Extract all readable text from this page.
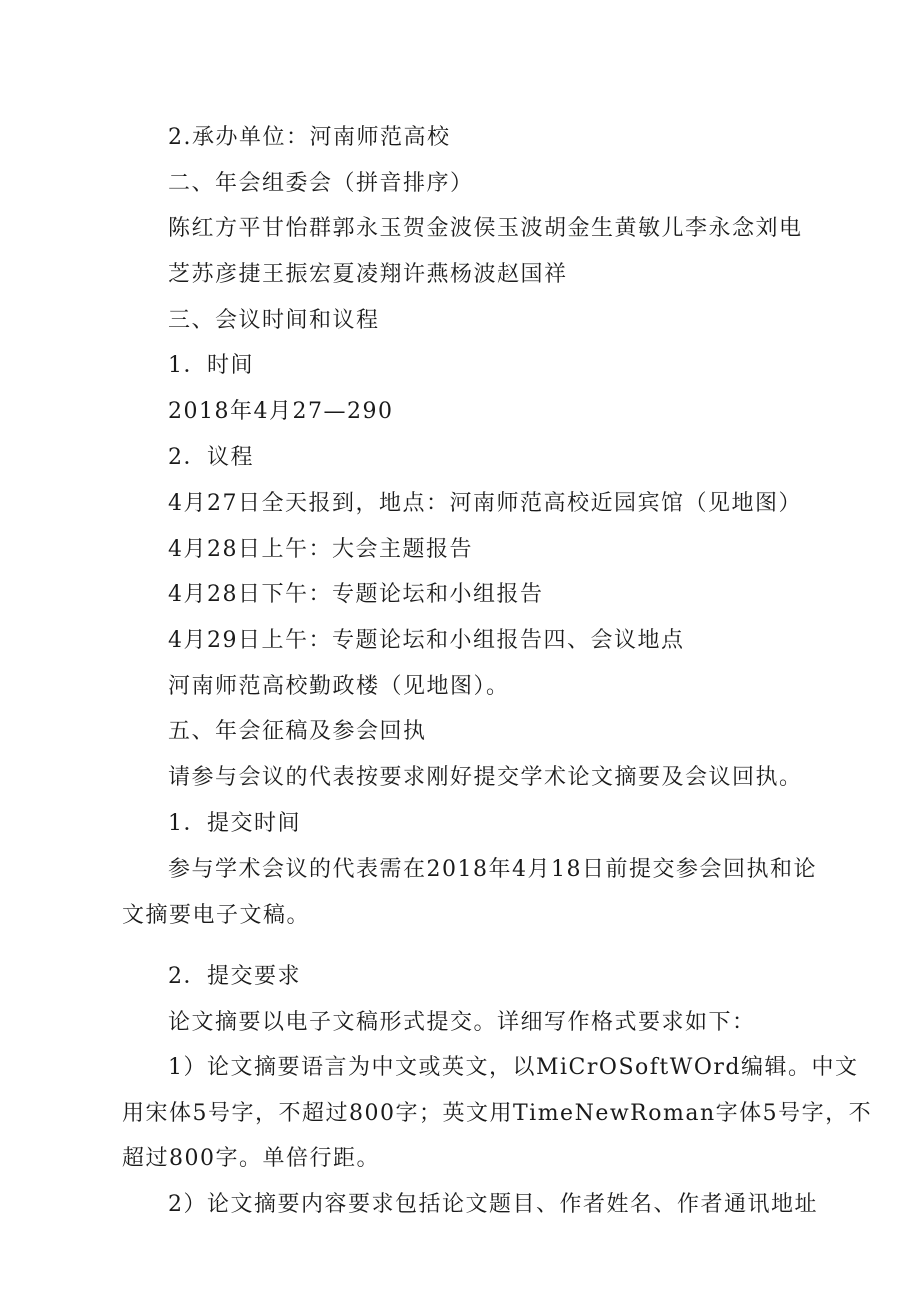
2.承办单位：河南师范高校
二、年会组委会（拼音排序）
陈红方平甘怡群郭永玉贺金波侯玉波胡金生黄敏儿李永念刘电
芝苏彦捷王振宏夏凌翔许燕杨波赵国祥
三、会议时间和议程
1．时间
2018年4月27—290
2．议程
4月27日全天报到，地点：河南师范高校近园宾馆（见地图）
4月28日上午：大会主题报告
4月28日下午：专题论坛和小组报告
4月29日上午：专题论坛和小组报告四、会议地点
河南师范高校勤政楼（见地图）。
五、年会征稿及参会回执
请参与会议的代表按要求刚好提交学术论文摘要及会议回执。
1．提交时间
参与学术会议的代表需在2018年4月18日前提交参会回执和论
文摘要电子文稿。
2．提交要求
论文摘要以电子文稿形式提交。详细写作格式要求如下：
1）论文摘要语言为中文或英文，以MiCrOSoftWOrd编辑。中文
用宋体5号字，不超过800字；英文用TimeNewRoman字体5号字，不
超过800字。单倍行距。
2）论文摘要内容要求包括论文题目、作者姓名、作者通讯地址
